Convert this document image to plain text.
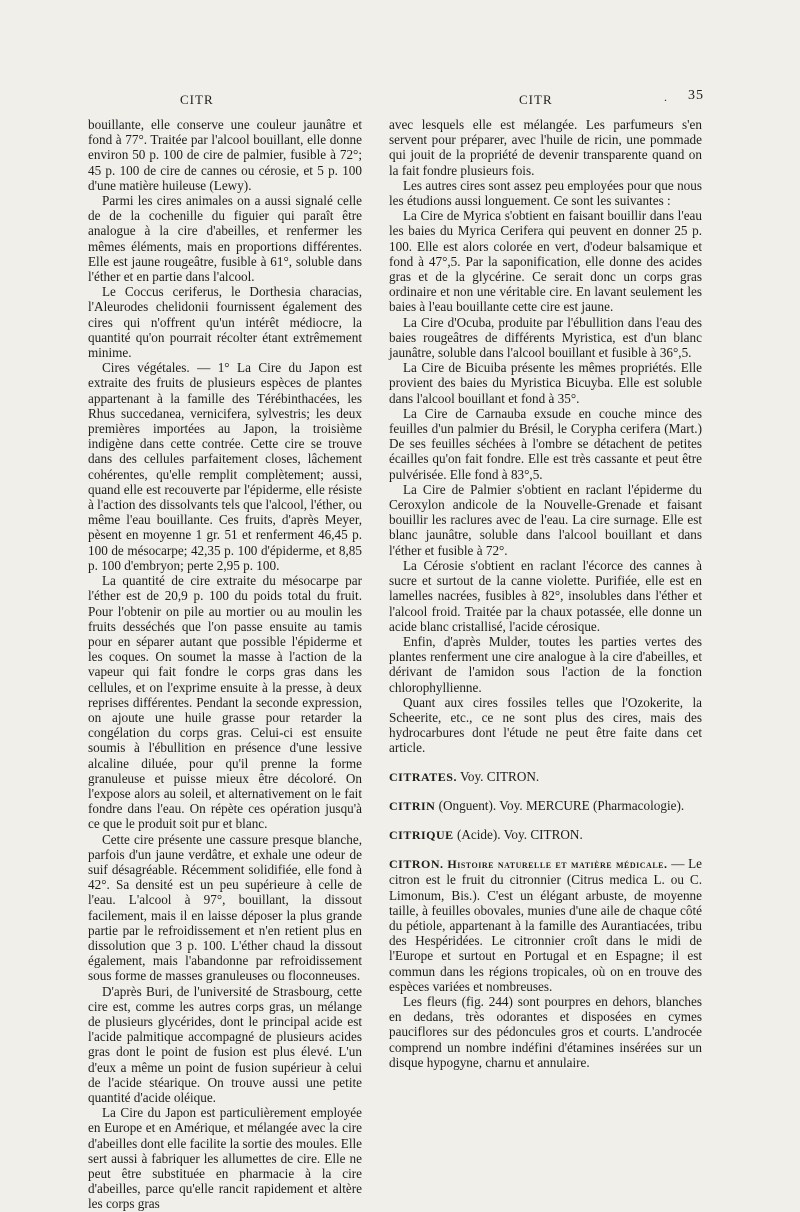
CITR	CITR	. 35

bouillante, elle conserve une couleur jaunâtre et fond à 77°. Traitée par l'alcool bouillant, elle donne environ 50 p. 100 de cire de palmier, fusible à 72°; 45 p. 100 de cire de cannes ou cérosie, et 5 p. 100 d'une matière huileuse (Lewy).

Parmi les cires animales on a aussi signalé celle de de la cochenille du figuier qui paraît être analogue à la cire d'abeilles, et renfermer les mêmes éléments, mais en proportions différentes. Elle est jaune rougeâtre, fusible à 61°, soluble dans l'éther et en partie dans l'alcool.

Le Coccus ceriferus, le Dorthesia characias, l'Aleurodes chelidonii fournissent également des cires qui n'offrent qu'un intérêt médiocre, la quantité qu'on pourrait récolter étant extrêmement minime.

Cires végétales. — 1° La Cire du Japon est extraite des fruits de plusieurs espèces de plantes appartenant à la famille des Térébinthacées, les Rhus succedanea, vernicifera, sylvestris; les deux premières importées au Japon, la troisième indigène dans cette contrée. Cette cire se trouve dans des cellules parfaitement closes, lâchement cohérentes, qu'elle remplit complètement; aussi, quand elle est recouverte par l'épiderme, elle résiste à l'action des dissolvants tels que l'alcool, l'éther, ou même l'eau bouillante. Ces fruits, d'après Meyer, pèsent en moyenne 1 gr. 51 et renferment 46,45 p. 100 de mésocarpe; 42,35 p. 100 d'épiderme, et 8,85 p. 100 d'embryon; perte 2,95 p. 100.

La quantité de cire extraite du mésocarpe par l'éther est de 20,9 p. 100 du poids total du fruit. Pour l'obtenir on pile au mortier ou au moulin les fruits desséchés que l'on passe ensuite au tamis pour en séparer autant que possible l'épiderme et les coques. On soumet la masse à l'action de la vapeur qui fait fondre le corps gras dans les cellules, et on l'exprime ensuite à la presse, à deux reprises différentes. Pendant la seconde expression, on ajoute une huile grasse pour retarder la congélation du corps gras. Celui-ci est ensuite soumis à l'ébullition en présence d'une lessive alcaline diluée, pour qu'il prenne la forme granuleuse et puisse mieux être décoloré. On l'expose alors au soleil, et alternativement on le fait fondre dans l'eau. On répète ces opération jusqu'à ce que le produit soit pur et blanc.

Cette cire présente une cassure presque blanche, parfois d'un jaune verdâtre, et exhale une odeur de suif désagréable. Récemment solidifiée, elle fond à 42°. Sa densité est un peu supérieure à celle de l'eau. L'alcool à 97°, bouillant, la dissout facilement, mais il en laisse déposer la plus grande partie par le refroidissement et n'en retient plus en dissolution que 3 p. 100. L'éther chaud la dissout également, mais l'abandonne par refroidissement sous forme de masses granuleuses ou floconneuses.

D'après Buri, de l'université de Strasbourg, cette cire est, comme les autres corps gras, un mélange de plusieurs glycérides, dont le principal acide est l'acide palmitique accompagné de plusieurs acides gras dont le point de fusion est plus élevé. L'un d'eux a même un point de fusion supérieur à celui de l'acide stéarique. On trouve aussi une petite quantité d'acide oléique.

La Cire du Japon est particulièrement employée en Europe et en Amérique, et mélangée avec la cire d'abeilles dont elle facilite la sortie des moules. Elle sert aussi à fabriquer les allumettes de cire. Elle ne peut être substituée en pharmacie à la cire d'abeilles, parce qu'elle rancit rapidement et altère les corps gras

avec lesquels elle est mélangée. Les parfumeurs s'en servent pour préparer, avec l'huile de ricin, une pommade qui jouit de la propriété de devenir transparente quand on la fait fondre plusieurs fois.

Les autres cires sont assez peu employées pour que nous les étudions aussi longuement. Ce sont les suivantes :

La Cire de Myrica s'obtient en faisant bouillir dans l'eau les baies du Myrica Cerifera qui peuvent en donner 25 p. 100. Elle est alors colorée en vert, d'odeur balsamique et fond à 47°,5. Par la saponification, elle donne des acides gras et de la glycérine. Ce serait donc un corps gras ordinaire et non une véritable cire. En lavant seulement les baies à l'eau bouillante cette cire est jaune.

La Cire d'Ocuba, produite par l'ébullition dans l'eau des baies rougeâtres de différents Myristica, est d'un blanc jaunâtre, soluble dans l'alcool bouillant et fusible à 36°,5.

La Cire de Bicuiba présente les mêmes propriétés. Elle provient des baies du Myristica Bicuyba. Elle est soluble dans l'alcool bouillant et fond à 35°.

La Cire de Carnauba exsude en couche mince des feuilles d'un palmier du Brésil, le Corypha cerifera (Mart.) De ses feuilles séchées à l'ombre se détachent de petites écailles qu'on fait fondre. Elle est très cassante et peut être pulvérisée. Elle fond à 83°,5.

La Cire de Palmier s'obtient en raclant l'épiderme du Ceroxylon andicole de la Nouvelle-Grenade et faisant bouillir les raclures avec de l'eau. La cire surnage. Elle est blanc jaunâtre, soluble dans l'alcool bouillant et dans l'éther et fusible à 72°.

La Cérosie s'obtient en raclant l'écorce des cannes à sucre et surtout de la canne violette. Purifiée, elle est en lamelles nacrées, fusibles à 82°, insolubles dans l'éther et l'alcool froid. Traitée par la chaux potassée, elle donne un acide blanc cristallisé, l'acide cérosique.

Enfin, d'après Mulder, toutes les parties vertes des plantes renferment une cire analogue à la cire d'abeilles, et dérivant de l'amidon sous l'action de la fonction chlorophyllienne.

Quant aux cires fossiles telles que l'Ozokerite, la Scheerite, etc., ce ne sont plus des cires, mais des hydrocarbures dont l'étude ne peut être faite dans cet article.

CITRATES. Voy. CITRON.

CITRIN (Onguent). Voy. MERCURE (Pharmacologie).

CITRIQUE (Acide). Voy. CITRON.

CITRON. Histoire naturelle et matière médicale. — Le citron est le fruit du citronnier (Citrus medica L. ou C. Limonum, Bis.). C'est un élégant arbuste, de moyenne taille, à feuilles obovales, munies d'une aile de chaque côté du pétiole, appartenant à la famille des Aurantiacées, tribu des Hespéridées. Le citronnier croît dans le midi de l'Europe et surtout en Portugal et en Espagne; il est commun dans les régions tropicales, où on en trouve des espèces variées et nombreuses.

Les fleurs (fig. 244) sont pourpres en dehors, blanches en dedans, très odorantes et disposées en cymes pauciflores sur des pédoncules gros et courts. L'androcée comprend un nombre indéfini d'étamines insérées sur un disque hypogyne, charnu et annulaire.
